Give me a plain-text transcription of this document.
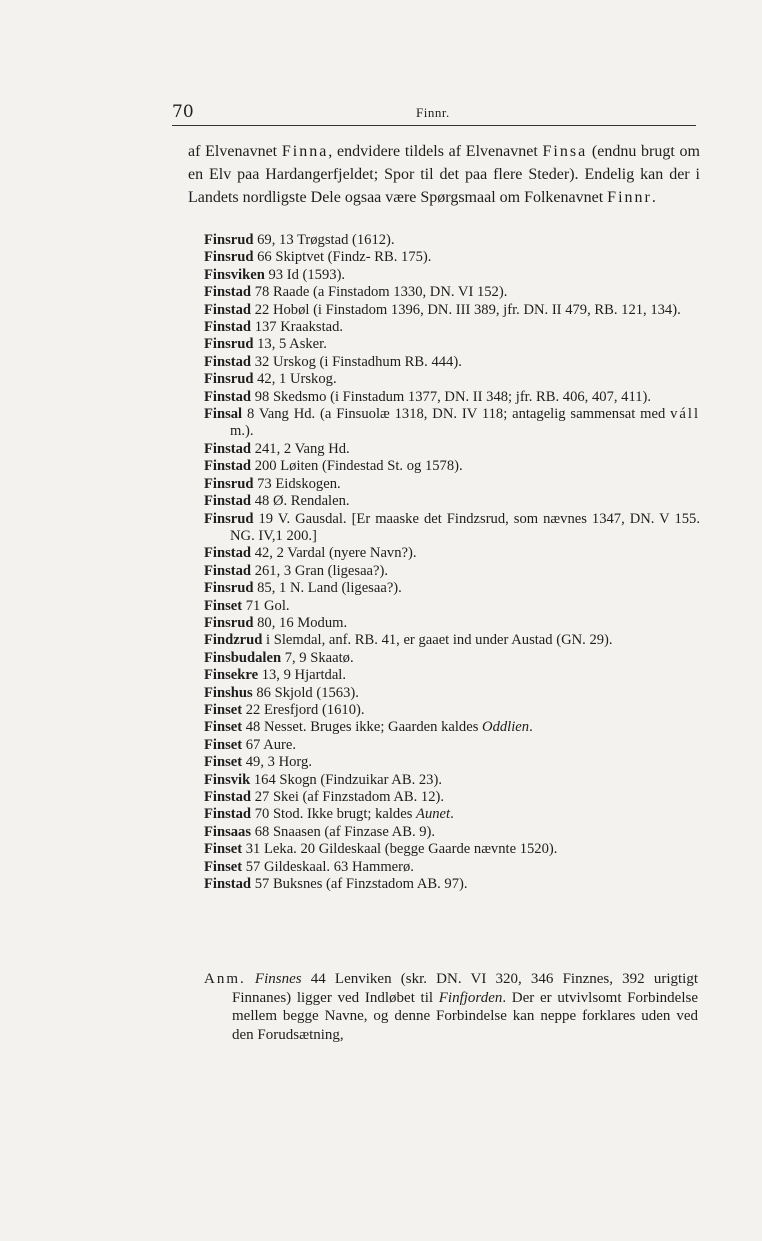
70	Finnr.
af Elvenavnet Finna, endvidere tildels af Elvenavnet Finsa (endnu brugt om en Elv paa Hardangerfjeldet; Spor til det paa flere Steder). Endelig kan der i Landets nordligste Dele ogsaa være Spørgsmaal om Folkenavnet Finnr.
Finsrud 69, 13 Trøgstad (1612).
Finsrud 66 Skiptvet (Findz- RB. 175).
Finsviken 93 Id (1593).
Finstad 78 Raade (a Finstadom 1330, DN. VI 152).
Finstad 22 Hobøl (i Finstadom 1396, DN. III 389, jfr. DN. II 479, RB. 121, 134).
Finstad 137 Kraakstad.
Finsrud 13, 5 Asker.
Finstad 32 Urskog (i Finstadhum RB. 444).
Finsrud 42, 1 Urskog.
Finstad 98 Skedsmo (i Finstadum 1377, DN. II 348; jfr. RB. 406, 407, 411).
Finsal 8 Vang Hd. (a Finsuolæ 1318, DN. IV 118; antagelig sammensat med váll m.).
Finstad 241, 2 Vang Hd.
Finstad 200 Løiten (Findestad St. og 1578).
Finsrud 73 Eidskogen.
Finstad 48 Ø. Rendalen.
Finsrud 19 V. Gausdal. [Er maaske det Findzsrud, som nævnes 1347, DN. V 155. NG. IV,1 200.]
Finstad 42, 2 Vardal (nyere Navn?).
Finstad 261, 3 Gran (ligesaa?).
Finsrud 85, 1 N. Land (ligesaa?).
Finset 71 Gol.
Finsrud 80, 16 Modum.
Findzrud i Slemdal, anf. RB. 41, er gaaet ind under Austad (GN. 29).
Finsbudalen 7, 9 Skaatø.
Finsekre 13, 9 Hjartdal.
Finshus 86 Skjold (1563).
Finset 22 Eresfjord (1610).
Finset 48 Nesset. Bruges ikke; Gaarden kaldes Oddlien.
Finset 67 Aure.
Finset 49, 3 Horg.
Finsvik 164 Skogn (Findzuikar AB. 23).
Finstad 27 Skei (af Finzstadom AB. 12).
Finstad 70 Stod. Ikke brugt; kaldes Aunet.
Finsaas 68 Snaasen (af Finzase AB. 9).
Finset 31 Leka. 20 Gildeskaal (begge Gaarde nævnte 1520).
Finset 57 Gildeskaal. 63 Hammerø.
Finstad 57 Buksnes (af Finzstadom AB. 97).
Anm. Finsnes 44 Lenviken (skr. DN. VI 320, 346 Finznes, 392 urigtigt Finnanes) ligger ved Indløbet til Finfjorden. Der er utvivlsomt Forbindelse mellem begge Navne, og denne Forbindelse kan neppe forklares uden ved den Forudsætning,
